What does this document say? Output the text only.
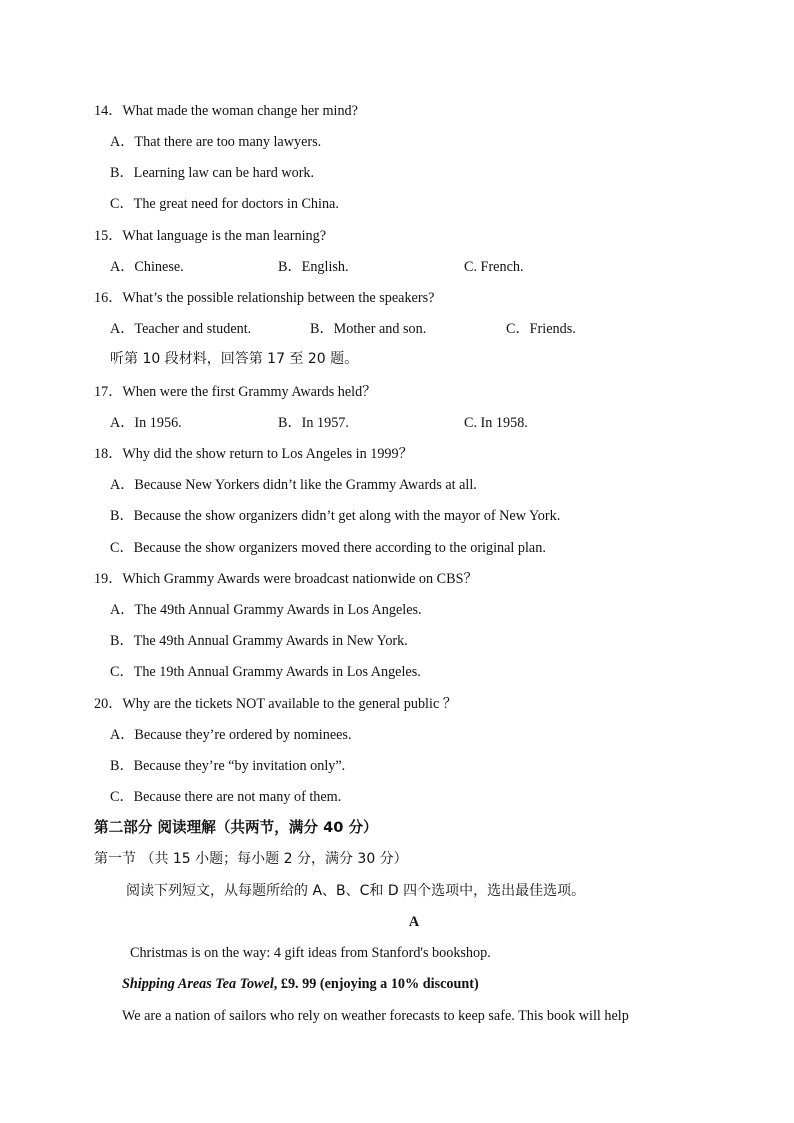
14．What made the woman change her mind?
A．That there are too many lawyers.
B．Learning law can be hard work.
C．The great need for doctors in China.
15．What language is the man learning?
A．Chinese.	B．English.	C. French.
16．What’s the possible relationship between the speakers?
A．Teacher and student.	B．Mother and son.	C．Friends.
听第 10 段材料，回答第 17 至 20 题。
17．When were the first Grammy Awards held？
A．In 1956.	B．In 1957.	C. In 1958.
18．Why did the show return to Los Angeles in 1999？
A．Because New Yorkers didn’t like the Grammy Awards at all.
B．Because the show organizers didn’t get along with the mayor of New York.
C．Because the show organizers moved there according to the original plan.
19．Which Grammy Awards were broadcast nationwide on CBS？
A．The 49th Annual Grammy Awards in Los Angeles.
B．The 49th Annual Grammy Awards in New York.
C．The 19th Annual Grammy Awards in Los Angeles.
20．Why are the tickets NOT available to the general public ？
A．Because they’re ordered by nominees.
B．Because they’re “by invitation only”.
C．Because there are not many of them.
第二部分 阅读理解（共两节，满分 40 分）
第一节 （共 15 小题；每小题 2 分，满分 30 分）
阅读下列短文，从每题所给的 A、B、C和 D 四个选项中，选出最佳选项。
A
Christmas is on the way: 4 gift ideas from Stanford's bookshop.
Shipping Areas Tea Towel, £9. 99 (enjoying a 10% discount)
We are a nation of sailors who rely on weather forecasts to keep safe. This book will help
